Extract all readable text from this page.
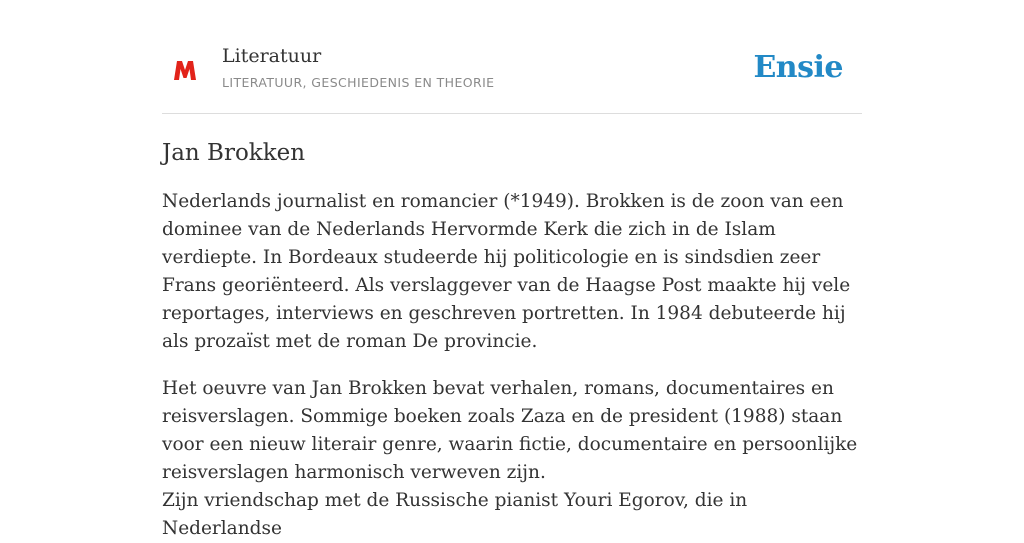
Literatuur
LITERATUUR, GESCHIEDENIS EN THEORIE	Ensie
Jan Brokken

Nederlands journalist en romancier (*1949). Brokken is de zoon van een dominee van de Nederlands Hervormde Kerk die zich in de Islam verdiepte. In Bordeaux studeerde hij politicologie en is sindsdien zeer Frans georiënteerd. Als verslaggever van de Haagse Post maakte hij vele reportages, interviews en geschreven portretten. In 1984 debuteerde hij als prozaïst met de roman De provincie.

Het oeuvre van Jan Brokken bevat verhalen, romans, documentaires en reisverslagen. Sommige boeken zoals Zaza en de president (1988) staan voor een nieuw literair genre, waarin fictie, documentaire en persoonlijke reisverslagen harmonisch verweven zijn.
Zijn vriendschap met de Russische pianist Youri Egorov, die in Nederlandse
